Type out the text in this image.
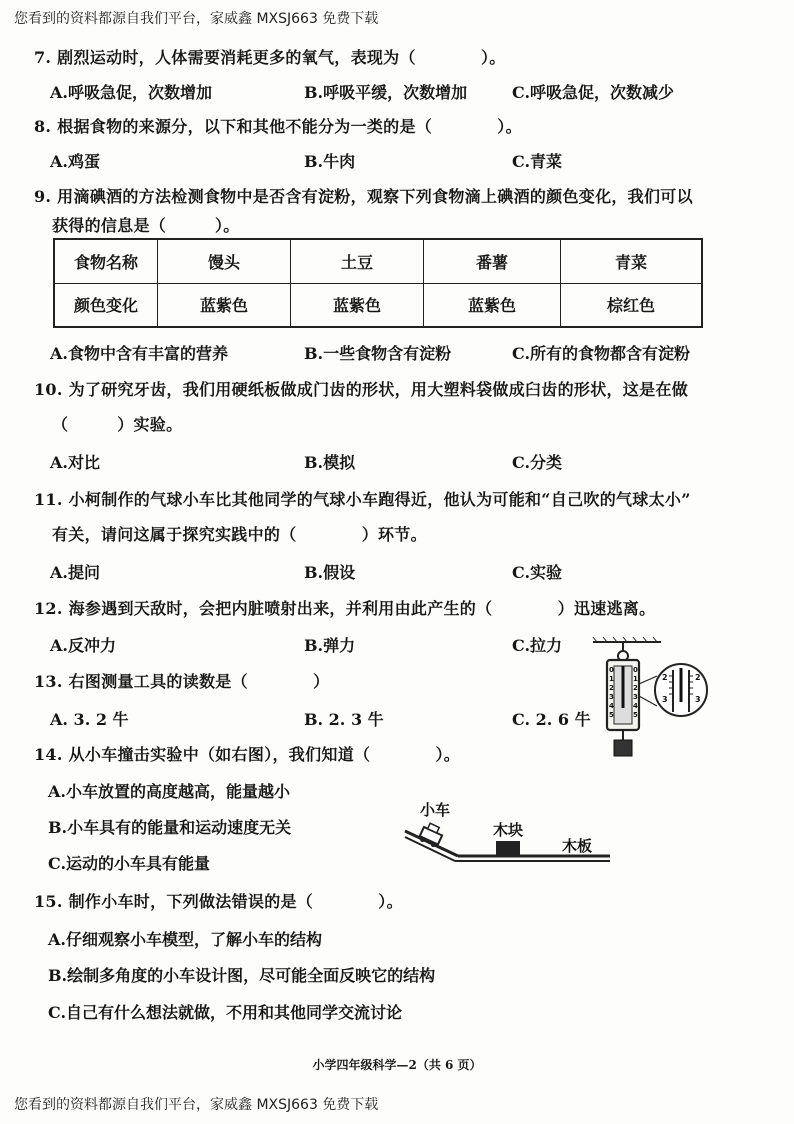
您看到的资料都源自我们平台，家威鑫 MXSJ663 免费下载
7. 剧烈运动时，人体需要消耗更多的氧气，表现为（　　　　）。
A.呼吸急促，次数增加	B.呼吸平缓，次数增加	C.呼吸急促，次数减少
8. 根据食物的来源分，以下和其他不能分为一类的是（　　　　）。
A.鸡蛋	B.牛肉	C.青菜
9. 用滴碘酒的方法检测食物中是否含有淀粉，观察下列食物滴上碘酒的颜色变化，我们可以
获得的信息是（　　　）。
食物名称	馒头	土豆	番薯	青菜
颜色变化	蓝紫色	蓝紫色	蓝紫色	棕红色
A.食物中含有丰富的营养	B.一些食物含有淀粉	C.所有的食物都含有淀粉
10. 为了研究牙齿，我们用硬纸板做成门齿的形状，用大塑料袋做成臼齿的形状，这是在做
（　　　）实验。
A.对比	B.模拟	C.分类
11. 小柯制作的气球小车比其他同学的气球小车跑得近，他认为可能和“自己吹的气球太小”
有关，请问这属于探究实践中的（　　　　）环节。
A.提问	B.假设	C.实验
12. 海参遇到天敌时，会把内脏喷射出来，并利用由此产生的（　　　　）迅速逃离。
A.反冲力	B.弹力	C.拉力
13. 右图测量工具的读数是（　　　　）
A. 3. 2 牛	B. 2. 3 牛	C. 2. 6 牛
0
1
2
3
4
5
0
1
2
3
4
5
2
3
2
3
14. 从小车撞击实验中（如右图），我们知道（　　　　）。
A.小车放置的高度越高，能量越小
B.小车具有的能量和运动速度无关
C.运动的小车具有能量
小车
木块
木板
15. 制作小车时，下列做法错误的是（　　　　）。
A.仔细观察小车模型，了解小车的结构
B.绘制多角度的小车设计图，尽可能全面反映它的结构
C.自己有什么想法就做，不用和其他同学交流讨论
小学四年级科学—2（共 6 页）
您看到的资料都源自我们平台，家威鑫 MXSJ663 免费下载
